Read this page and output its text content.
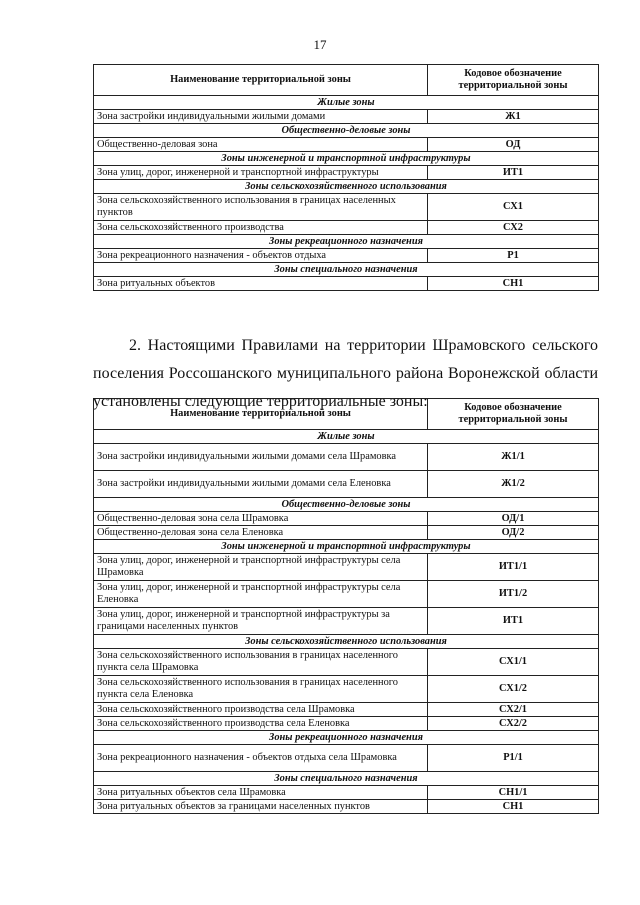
17
Наименование территориальной зоны	Кодовое обозначение территориальной зоны
Жилые зоны	
Зона застройки индивидуальными жилыми домами	Ж1
Общественно-деловые зоны	
Общественно-деловая зона	ОД
Зоны инженерной и транспортной инфраструктуры	
Зона улиц, дорог, инженерной и транспортной инфраструктуры	ИТ1
Зоны сельскохозяйственного использования	
Зона сельскохозяйственного использования в границах населенных пунктов	СХ1
Зона сельскохозяйственного производства	СХ2
Зоны рекреационного назначения	
Зона рекреационного назначения - объектов отдыха	Р1
Зоны специального назначения	
Зона ритуальных объектов	СН1

2. Настоящими Правилами на территории Шрамовского сельского поселения Россошанского муниципального района Воронежской области установлены следующие территориальные зоны:

Наименование территориальной зоны	Кодовое обозначение территориальной зоны
Жилые зоны	
Зона застройки индивидуальными жилыми домами села Шрамовка	Ж1/1
Зона застройки индивидуальными жилыми домами села Еленовка	Ж1/2
Общественно-деловые зоны	
Общественно-деловая зона села Шрамовка	ОД/1
Общественно-деловая зона села Еленовка	ОД/2
Зоны инженерной и транспортной инфраструктуры	
Зона улиц, дорог, инженерной и транспортной инфраструктуры села Шрамовка	ИТ1/1
Зона улиц, дорог, инженерной и транспортной инфраструктуры села Еленовка	ИТ1/2
Зона улиц, дорог, инженерной и транспортной инфраструктуры за границами населенных пунктов	ИТ1
Зоны сельскохозяйственного использования	
Зона сельскохозяйственного использования в границах населенного пункта села Шрамовка	СХ1/1
Зона сельскохозяйственного использования в границах населенного пункта села Еленовка	СХ1/2
Зона сельскохозяйственного производства села Шрамовка	СХ2/1
Зона сельскохозяйственного производства села Еленовка	СХ2/2
Зоны рекреационного назначения	
Зона рекреационного назначения - объектов отдыха села Шрамовка	Р1/1
Зоны специального назначения	
Зона ритуальных объектов села Шрамовка	СН1/1
Зона ритуальных объектов за границами населенных пунктов	СН1
